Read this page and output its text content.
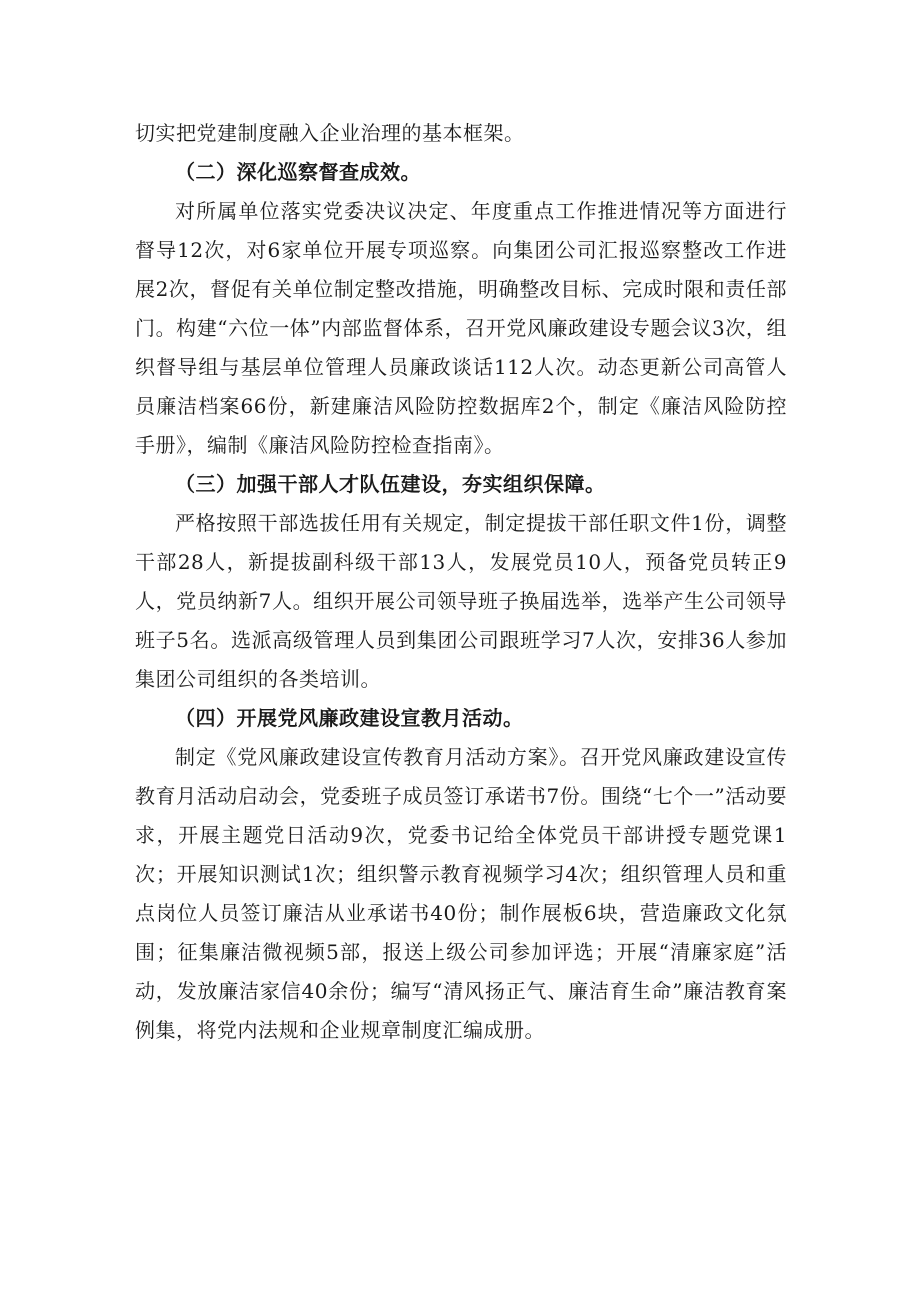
切实把党建制度融入企业治理的基本框架。

（二）深化巡察督查成效。

对所属单位落实党委决议决定、年度重点工作推进情况等方面进行督导12次，对6家单位开展专项巡察。向集团公司汇报巡察整改工作进展2次，督促有关单位制定整改措施，明确整改目标、完成时限和责任部门。构建“六位一体”内部监督体系，召开党风廉政建设专题会议3次，组织督导组与基层单位管理人员廉政谈话112人次。动态更新公司高管人员廉洁档案66份，新建廉洁风险防控数据库2个，制定《廉洁风险防控手册》，编制《廉洁风险防控检查指南》。

（三）加强干部人才队伍建设，夯实组织保障。

严格按照干部选拔任用有关规定，制定提拔干部任职文件1份，调整干部28人，新提拔副科级干部13人，发展党员10人，预备党员转正9人，党员纳新7人。组织开展公司领导班子换届选举，选举产生公司领导班子5名。选派高级管理人员到集团公司跟班学习7人次，安排36人参加集团公司组织的各类培训。

（四）开展党风廉政建设宣教月活动。

制定《党风廉政建设宣传教育月活动方案》。召开党风廉政建设宣传教育月活动启动会，党委班子成员签订承诺书7份。围绕“七个一”活动要求，开展主题党日活动9次，党委书记给全体党员干部讲授专题党课1次；开展知识测试1次；组织警示教育视频学习4次；组织管理人员和重点岗位人员签订廉洁从业承诺书40份；制作展板6块，营造廉政文化氛围；征集廉洁微视频5部，报送上级公司参加评选；开展“清廉家庭”活动，发放廉洁家信40余份；编写“清风扬正气、廉洁育生命”廉洁教育案例集，将党内法规和企业规章制度汇编成册。
